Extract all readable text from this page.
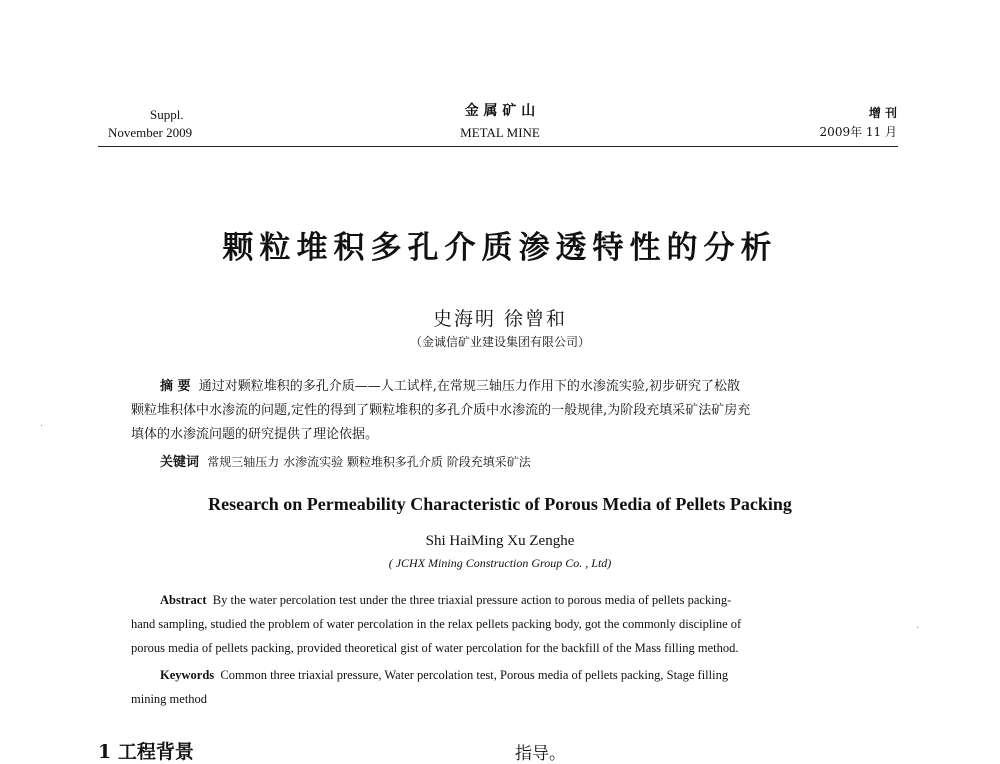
Suppl.
November 2009
金 属 矿 山
METAL MINE
增 刊
2009年 11 月
颗粒堆积多孔介质渗透特性的分析
史海明 徐曾和
（金诚信矿业建设集团有限公司）
摘 要 通过对颗粒堆积的多孔介质——人工试样,在常规三轴压力作用下的水渗流实验,初步研究了松散
颗粒堆积体中水渗流的问题,定性的得到了颗粒堆积的多孔介质中水渗流的一般规律,为阶段充填采矿法矿房充
填体的水渗流问题的研究提供了理论依据。
关键词 常规三轴压力 水渗流实验 颗粒堆积多孔介质 阶段充填采矿法
Research on Permeability Characteristic of Porous Media of Pellets Packing
Shi HaiMing Xu Zenghe
( JCHX Mining Construction Group Co. , Ltd)
Abstract By the water percolation test under the three triaxial pressure action to porous media of pellets packing-
hand sampling, studied the problem of water percolation in the relax pellets packing body, got the commonly discipline of
porous media of pellets packing, provided theoretical gist of water percolation for the backfill of the Mass filling method.
Keywords Common three triaxial pressure, Water percolation test, Porous media of pellets packing, Stage filling
mining method
1 工程背景	指导。
·
·
